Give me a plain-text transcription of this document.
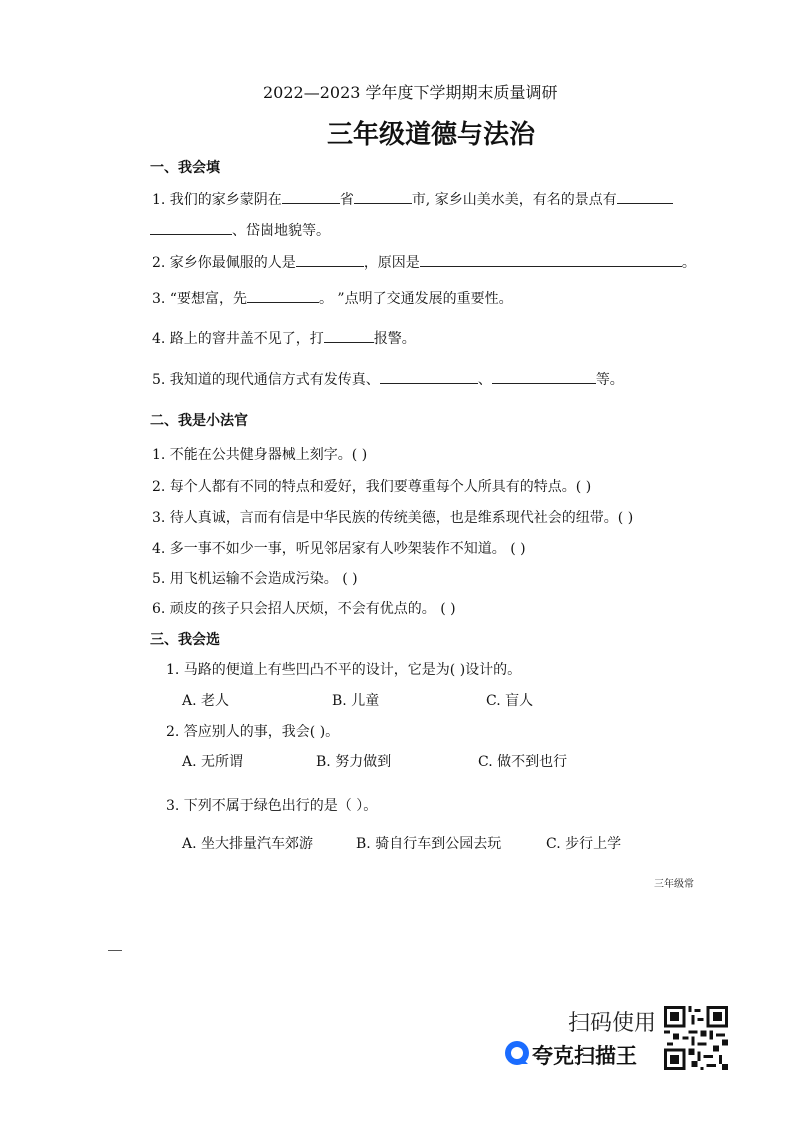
2022—2023 学年度下学期期末质量调研
三年级道德与法治
一、我会填
1. 我们的家乡蒙阴在	省	市, 家乡山美水美，有名的景点有
、岱崮地貌等。
2. 家乡你最佩服的人是	，原因是	。
3. “要想富，先	。 ”点明了交通发展的重要性。
4. 路上的窨井盖不见了，打	报警。
5. 我知道的现代通信方式有发传真、	、	等。
二、我是小法官
1. 不能在公共健身器械上刻字。( )
2. 每个人都有不同的特点和爱好，我们要尊重每个人所具有的特点。( )
3. 待人真诚，言而有信是中华民族的传统美德，也是维系现代社会的纽带。( )
4. 多一事不如少一事，听见邻居家有人吵架装作不知道。 ( )
5. 用飞机运输不会造成污染。 ( )
6. 顽皮的孩子只会招人厌烦，不会有优点的。 ( )
三、我会选
1. 马路的便道上有些凹凸不平的设计，它是为( )设计的。
A. 老人	B. 儿童	C. 盲人
2. 答应别人的事，我会( )。
A. 无所谓	B. 努力做到	C. 做不到也行
3. 下列不属于绿色出行的是（ ）。
A. 坐大排量汽车郊游	B. 骑自行车到公园去玩	C. 步行上学
三年级常
扫码使用
夸克扫描王
